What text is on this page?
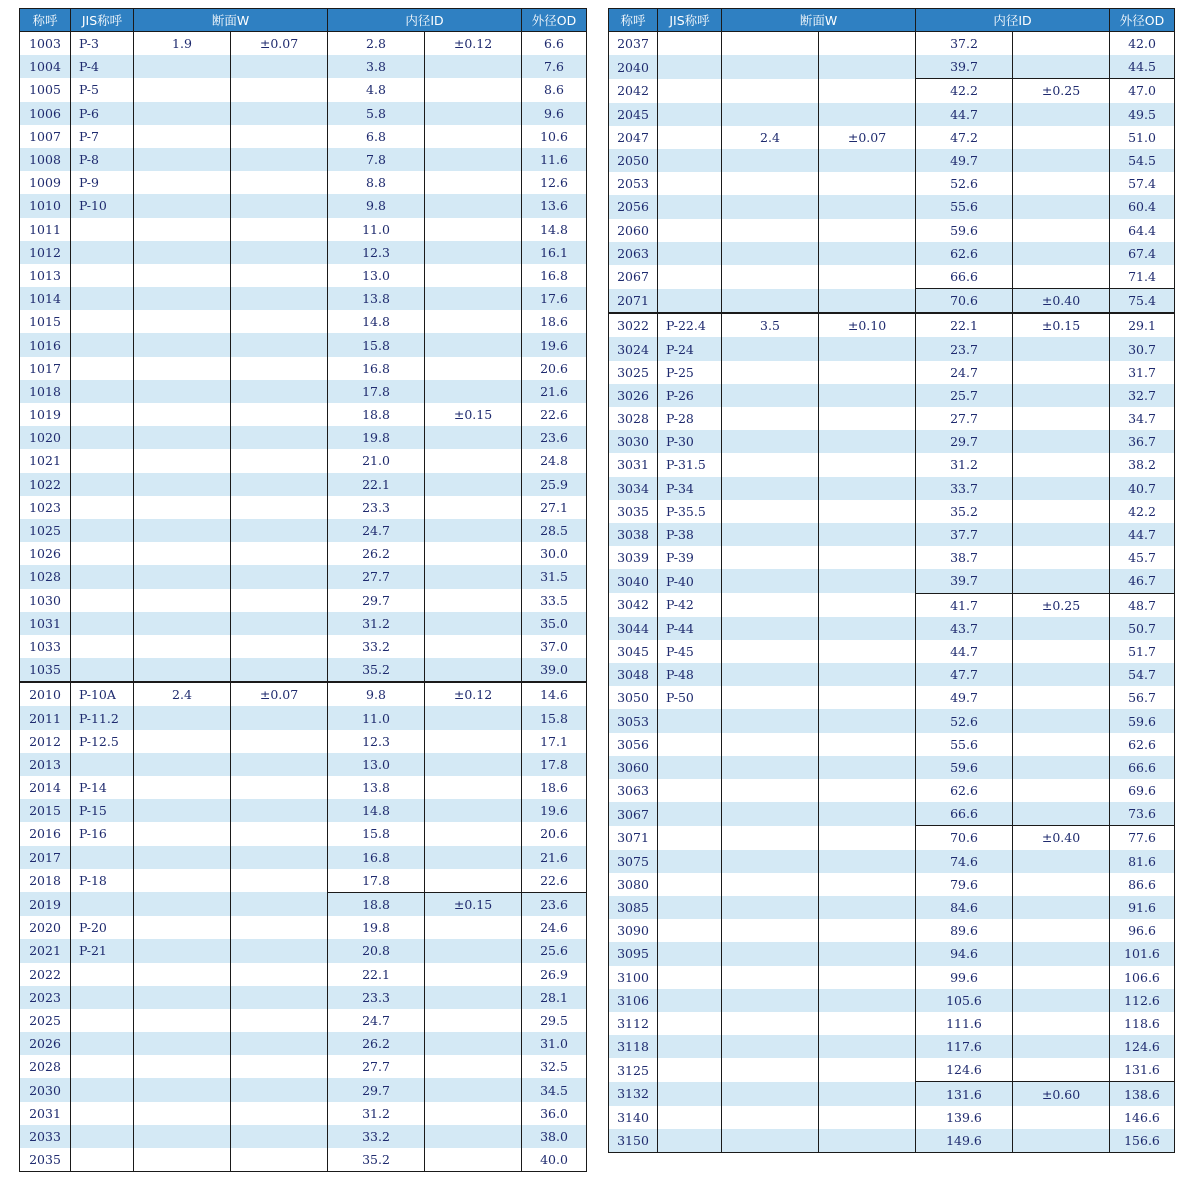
称呼	JIS称呼	断面W		内径ID		外径OD
1003	P-3	1.9	±0.07	2.8	±0.12	6.6
1004	P-4			3.8		7.6
1005	P-5			4.8		8.6
1006	P-6			5.8		9.6
1007	P-7			6.8		10.6
1008	P-8			7.8		11.6
1009	P-9			8.8		12.6
1010	P-10			9.8		13.6
1011				11.0		14.8
1012				12.3		16.1
1013				13.0		16.8
1014				13.8		17.6
1015				14.8		18.6
1016				15.8		19.6
1017				16.8		20.6
1018				17.8		21.6
1019				18.8	±0.15	22.6
1020				19.8		23.6
1021				21.0		24.8
1022				22.1		25.9
1023				23.3		27.1
1025				24.7		28.5
1026				26.2		30.0
1028				27.7		31.5
1030				29.7		33.5
1031				31.2		35.0
1033				33.2		37.0
1035				35.2		39.0
2010	P-10A	2.4	±0.07	9.8	±0.12	14.6
2011	P-11.2			11.0		15.8
2012	P-12.5			12.3		17.1
2013				13.0		17.8
2014	P-14			13.8		18.6
2015	P-15			14.8		19.6
2016	P-16			15.8		20.6
2017				16.8		21.6
2018	P-18			17.8		22.6
2019				18.8	±0.15	23.6
2020	P-20			19.8		24.6
2021	P-21			20.8		25.6
2022				22.1		26.9
2023				23.3		28.1
2025				24.7		29.5
2026				26.2		31.0
2028				27.7		32.5
2030				29.7		34.5
2031				31.2		36.0
2033				33.2		38.0
2035				35.2		40.0
称呼	JIS称呼	断面W		内径ID		外径OD
2037				37.2		42.0
2040				39.7		44.5
2042				42.2	±0.25	47.0
2045				44.7		49.5
2047		2.4	±0.07	47.2		51.0
2050				49.7		54.5
2053				52.6		57.4
2056				55.6		60.4
2060				59.6		64.4
2063				62.6		67.4
2067				66.6		71.4
2071				70.6	±0.40	75.4
3022	P-22.4	3.5	±0.10	22.1	±0.15	29.1
3024	P-24			23.7		30.7
3025	P-25			24.7		31.7
3026	P-26			25.7		32.7
3028	P-28			27.7		34.7
3030	P-30			29.7		36.7
3031	P-31.5			31.2		38.2
3034	P-34			33.7		40.7
3035	P-35.5			35.2		42.2
3038	P-38			37.7		44.7
3039	P-39			38.7		45.7
3040	P-40			39.7		46.7
3042	P-42			41.7	±0.25	48.7
3044	P-44			43.7		50.7
3045	P-45			44.7		51.7
3048	P-48			47.7		54.7
3050	P-50			49.7		56.7
3053				52.6		59.6
3056				55.6		62.6
3060				59.6		66.6
3063				62.6		69.6
3067				66.6		73.6
3071				70.6	±0.40	77.6
3075				74.6		81.6
3080				79.6		86.6
3085				84.6		91.6
3090				89.6		96.6
3095				94.6		101.6
3100				99.6		106.6
3106				105.6		112.6
3112				111.6		118.6
3118				117.6		124.6
3125				124.6		131.6
3132				131.6	±0.60	138.6
3140				139.6		146.6
3150				149.6		156.6
